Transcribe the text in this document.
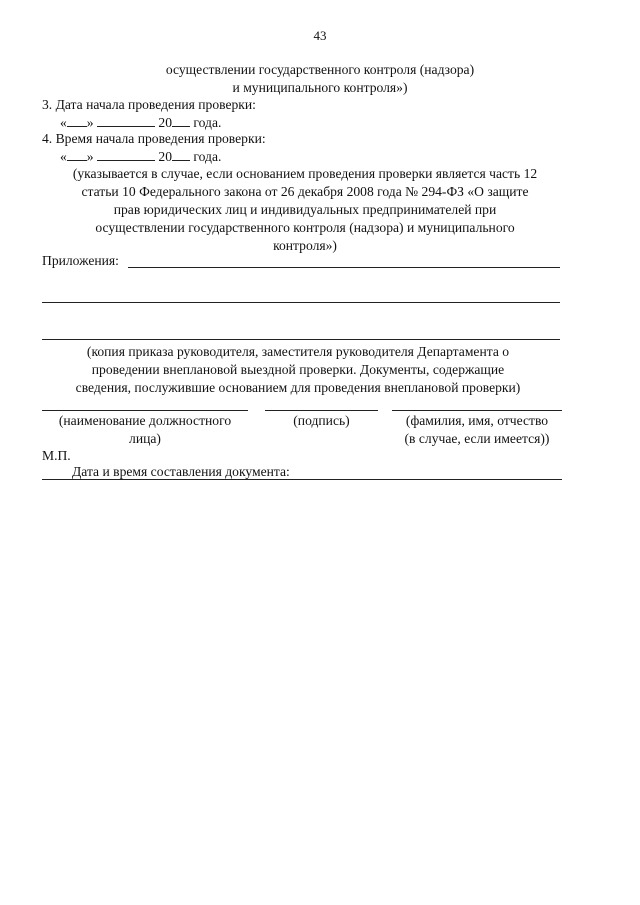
43
осуществлении государственного контроля (надзора)
и муниципального контроля»)
3. Дата начала проведения проверки:
« »	20 года.
4. Время начала проведения проверки:
« »	20 года.
(указывается в случае, если основанием проведения проверки является часть 12
статьи 10 Федерального закона от 26 декабря 2008 года № 294-ФЗ «О защите
прав юридических лиц и индивидуальных предпринимателей при
осуществлении государственного контроля (надзора) и муниципального
контроля»)
Приложения:
(копия приказа руководителя, заместителя руководителя Департамента о
проведении внеплановой выездной проверки. Документы, содержащие
сведения, послужившие основанием для проведения внеплановой проверки)
(наименование должностного
лица)
(подпись)	(фамилия, имя, отчество
(в случае, если имеется))
М.П.
Дата и время составления документа:
